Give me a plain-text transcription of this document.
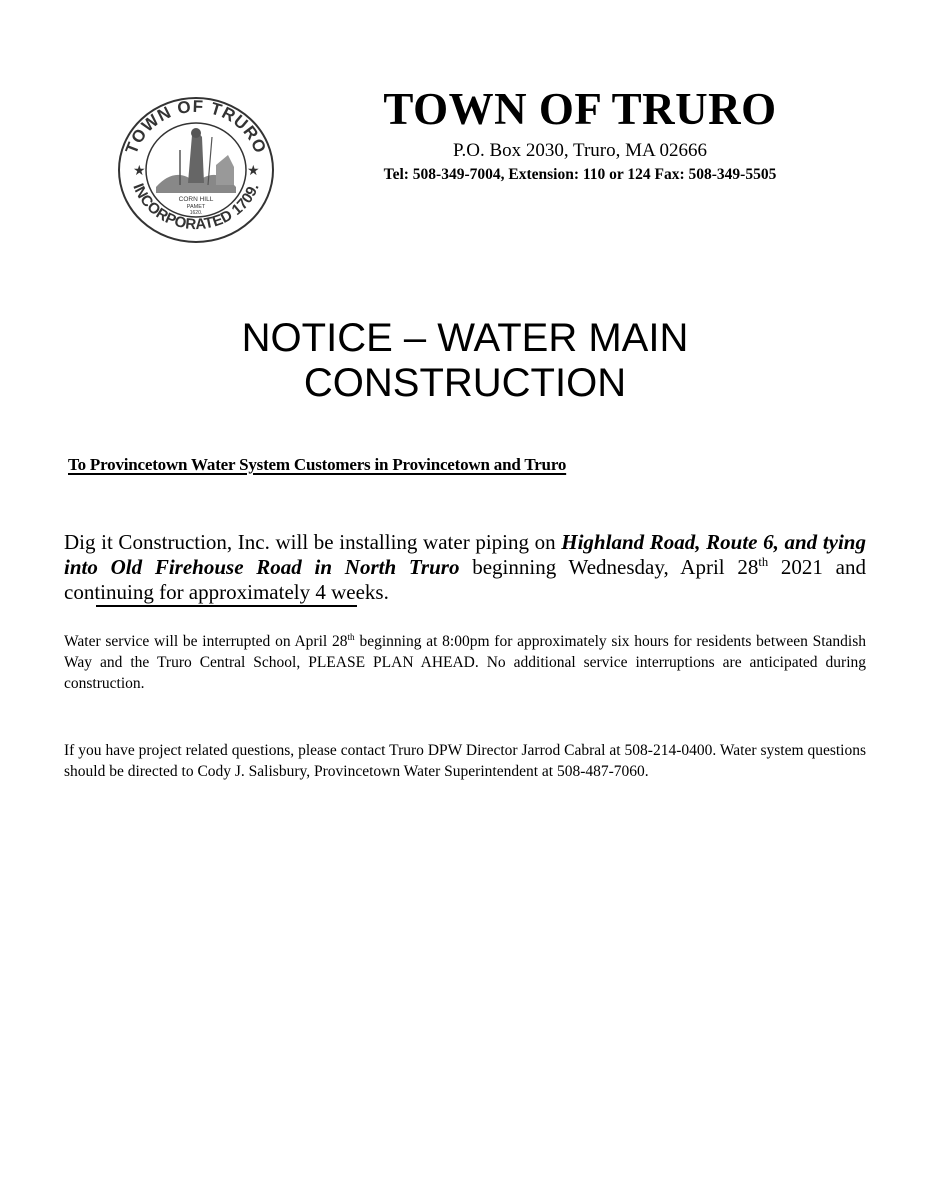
TOWN OF TRURO
INCORPORATED 1709.
★	★
CORN HILL
PAMET
1620.
TOWN OF TRURO
P.O. Box 2030, Truro, MA 02666
Tel: 508-349-7004, Extension: 110 or 124 Fax: 508-349-5505
NOTICE – WATER MAIN
CONSTRUCTION
To Provincetown Water System Customers in Provincetown and Truro
Dig it Construction, Inc. will be installing water piping on Highland Road, Route 6, and tying into Old Firehouse Road in North Truro beginning Wednesday, April 28th 2021 and continuing for approximately 4 weeks.
Water service will be interrupted on April 28th beginning at 8:00pm for approximately six hours for residents between Standish Way and the Truro Central School, PLEASE PLAN AHEAD. No additional service interruptions are anticipated during construction.
If you have project related questions, please contact Truro DPW Director Jarrod Cabral at 508-214-0400. Water system questions should be directed to Cody J. Salisbury, Provincetown Water Superintendent at 508-487-7060.
